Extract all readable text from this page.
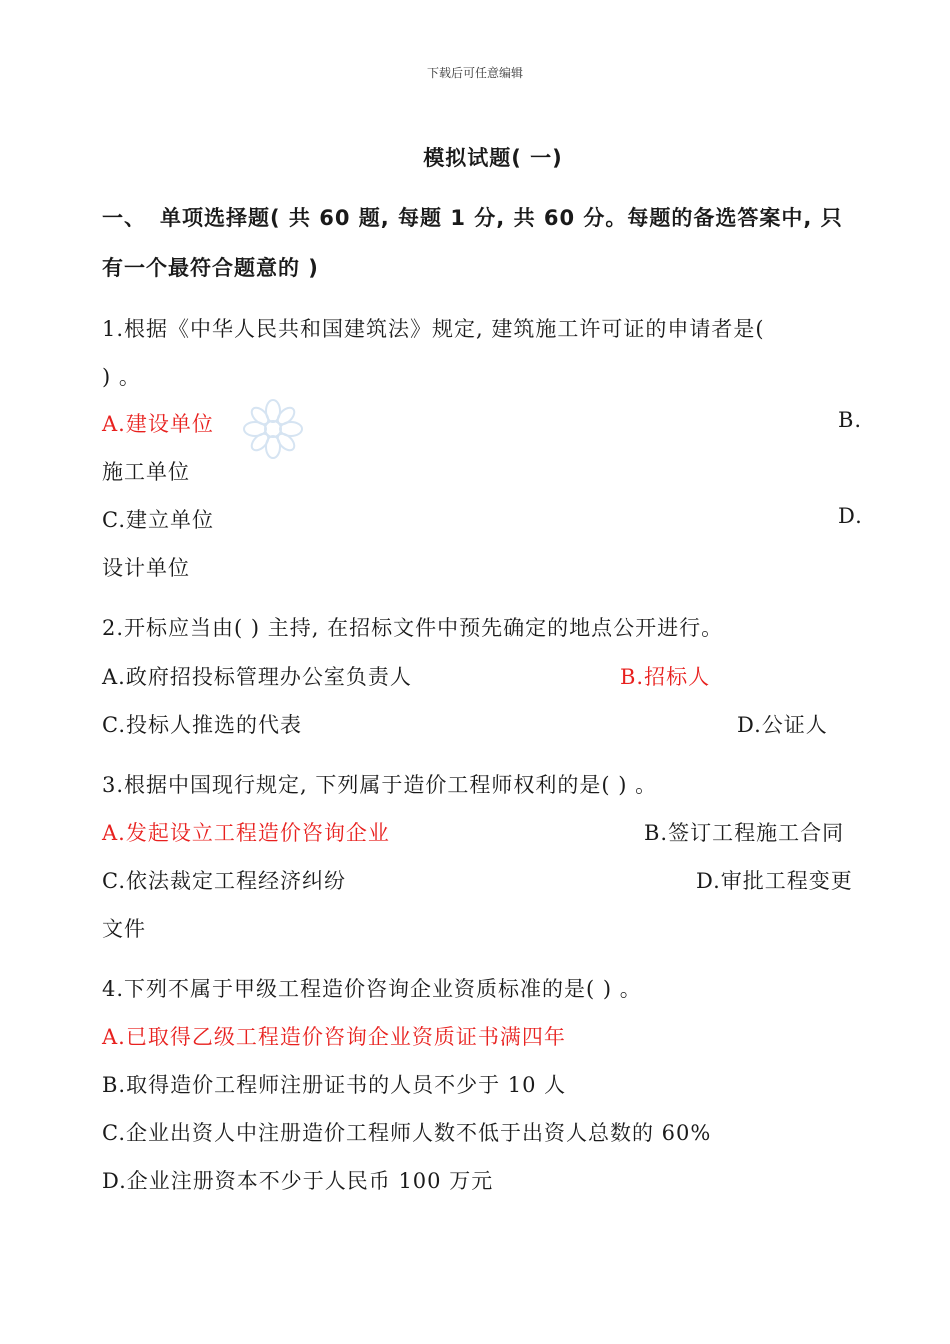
下载后可任意编辑
模拟试题( 一)
一、 单项选择题( 共 60 题, 每题 1 分, 共 60 分。每题的备选答案中, 只
有一个最符合题意的 )
1.根据《中华人民共和国建筑法》规定, 建筑施工许可证的申请者是(
) 。
A.建设单位	B.
施工单位
C.建立单位	D.
设计单位
2.开标应当由( ) 主持, 在招标文件中预先确定的地点公开进行。
A.政府招投标管理办公室负责人	B.招标人
C.投标人推选的代表	D.公证人
3.根据中国现行规定, 下列属于造价工程师权利的是( ) 。
A.发起设立工程造价咨询企业	B.签订工程施工合同
C.依法裁定工程经济纠纷	D.审批工程变更
文件
4.下列不属于甲级工程造价咨询企业资质标准的是( ) 。
A.已取得乙级工程造价咨询企业资质证书满四年
B.取得造价工程师注册证书的人员不少于 10 人
C.企业出资人中注册造价工程师人数不低于出资人总数的 60%
D.企业注册资本不少于人民币 100 万元
